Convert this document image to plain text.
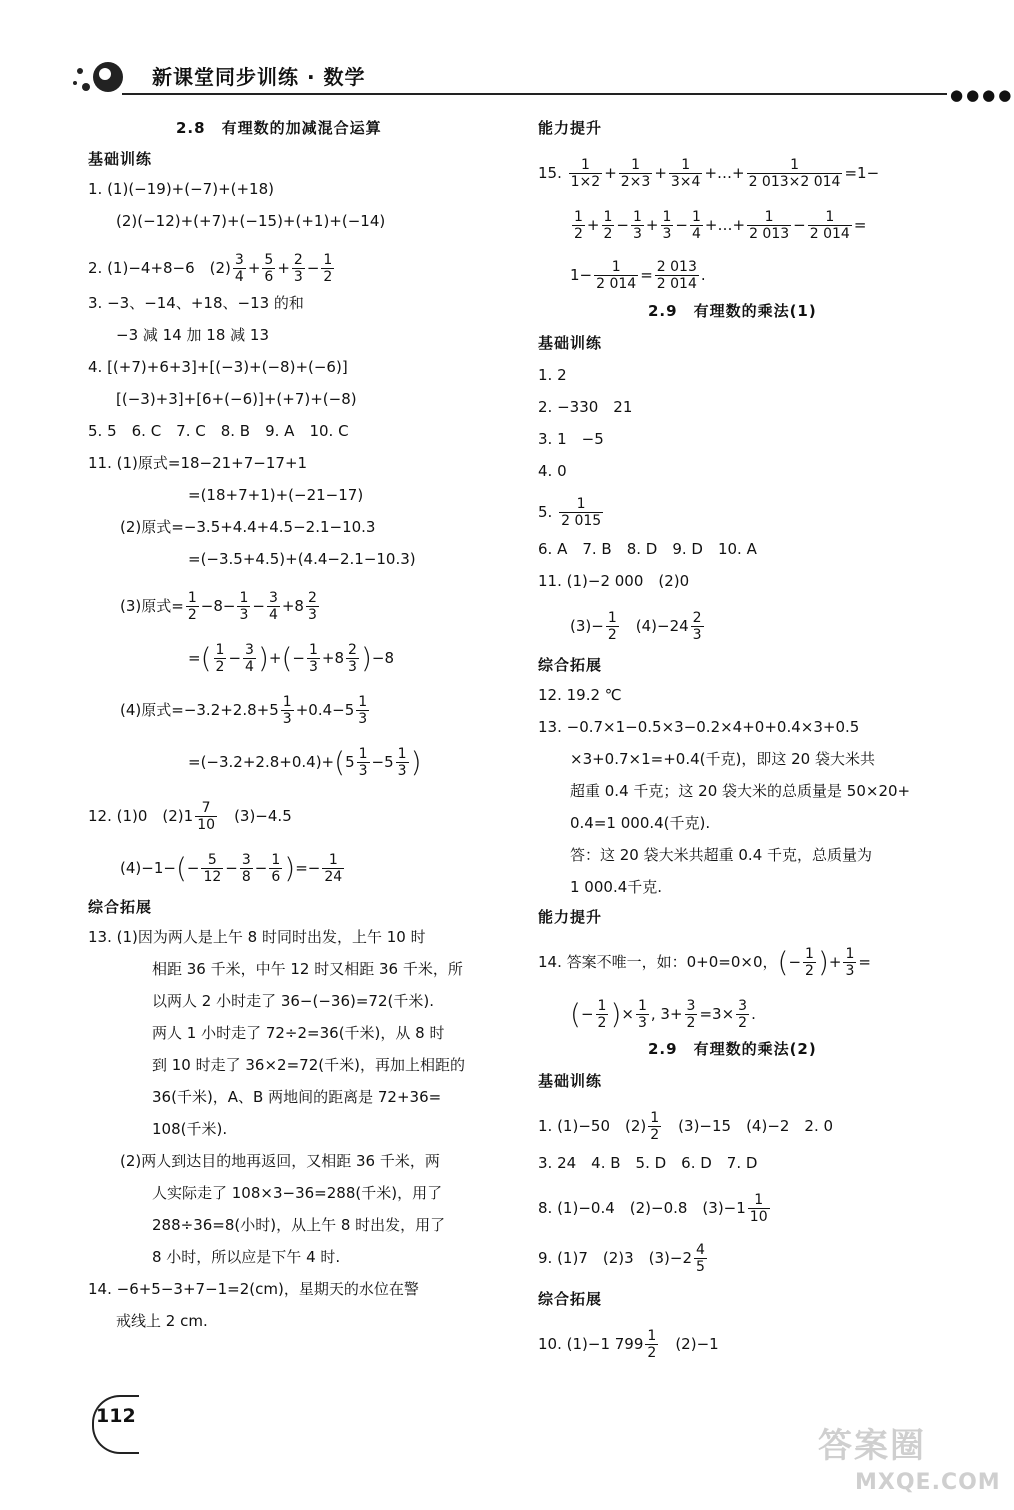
新课堂同步训练 · 数学
●●●●
2.8　有理数的加减混合运算
基础训练
1. (1)(−19)+(−7)+(+18)
(2)(−12)+(+7)+(−15)+(+1)+(−14)
2. (1)−4+8−6　$(2) \frac{3}{4} + \frac{5}{6} + \frac{2}{3} - \frac{1}{2}$
3. −3、−14、+18、−13 的和
−3 减 14 加 18 减 13
4. [(+7)+6+3]+[(−3)+(−8)+(−6)]
[(−3)+3]+[6+(−6)]+(+7)+(−8)
5. 5　6. C　7. C　8. B　9. A　10. C
11. (1)原式=18−21+7−17+1
=(18+7+1)+(−21−17)
(2)原式=−3.5+4.4+4.5−2.1−10.3
=(−3.5+4.5)+(4.4−2.1−10.3)
(3)原式= $\frac{1}{2} -8- \frac{1}{3} - \frac{3}{4} +8 \frac{2}{3}$
=( $\frac{1}{2} - \frac{3}{4}$ )+(− $\frac{1}{3} +8 \frac{2}{3} )-8$
(4)原式$=-3.2+2.8+5 \frac{1}{3} +0.4-5 \frac{1}{3}$
$=(-3.2+2.8+0.4)+(5 \frac{1}{3} -5 \frac{1}{3}$ )
12. (1)0　$(2)1 \frac{7}{10}$
　 (3)−4.5
$(4)-1-(- \frac{5}{12} - \frac{3}{8} - \frac{1}{6}$ )=− $\frac{1}{24}$
综合拓展
13. (1)因为两人是上午 8 时同时出发，上午 10 时
相距 36 千米，中午 12 时又相距 36 千米，所
以两人 2 小时走了 36−(−36)=72(千米).
两人 1 小时走了 72÷2=36(千米)，从 8 时
到 10 时走了 36×2=72(千米)，再加上相距的
36(千米)，A、B 两地间的距离是 72+36=
108(千米).
(2)两人到达目的地再返回，又相距 36 千米，两
人实际走了 108×3−36=288(千米)，用了
288÷36=8(小时)，从上午 8 时出发，用了
8 小时，所以应是下午 4 时.
14. −6+5−3+7−1=2(cm)，星期天的水位在警
戒线上 2 cm.
能力提升
15. $\frac{1}{1\times 2} + \frac{1}{2\times 3} + \frac{1}{3\times 4}$ +…+ $\frac{1}{2 013\times 2 014} =1-$
$\frac{1}{2} + \frac{1}{2} - \frac{1}{3} + \frac{1}{3} - \frac{1}{4}$ +…+ $\frac{1}{2 013} - \frac{1}{2 014}$ =
$1- \frac{1}{2 014} = \frac{2 013}{2 014}$ .
2.9　有理数的乘法(1)
基础训练
1. 2
2. −330　21
3. 1　−5
4. 0
5. $\frac{1}{2 015}$
6. A　7. B　8. D　9. D　10. A
11. (1)−2 000　(2)0
$(3)- \frac{1}{2}$
　 $(4)-24 \frac{2}{3}$
综合拓展
12. 19.2 ℃
13. −0.7×1−0.5×3−0.2×4+0+0.4×3+0.5
×3+0.7×1=+0.4(千克)，即这 20 袋大米共
超重 0.4 千克；这 20 袋大米的总质量是 50×20+
0.4=1 000.4(千克).
答：这 20 袋大米共超重 0.4 千克，总质量为
1 000.4千克.
能力提升
14. 答案不唯一，如：0+0=0×0，(− $\frac{1}{2}$ )+ $\frac{1}{3}$ =
(− $\frac{1}{2}$ )× $\frac{1}{3}$ , $3+ \frac{3}{2} =3\times \frac{3}{2}$ .
2.9　有理数的乘法(2)
基础训练
1. (1)−50　$(2) \frac{1}{2}$
　 (3)−15　(4)−2　2. 0
3. 24　4. B　5. D　6. D　7. D
8. (1)−0.4　(2)−0.8　$(3)-1 \frac{1}{10}$
9. (1)7　(2)3　$(3)-2 \frac{4}{5}$
综合拓展
10. (1)−1 $799 \frac{1}{2}$
　 (2)−1
112
答案圈
MXQE.COM
